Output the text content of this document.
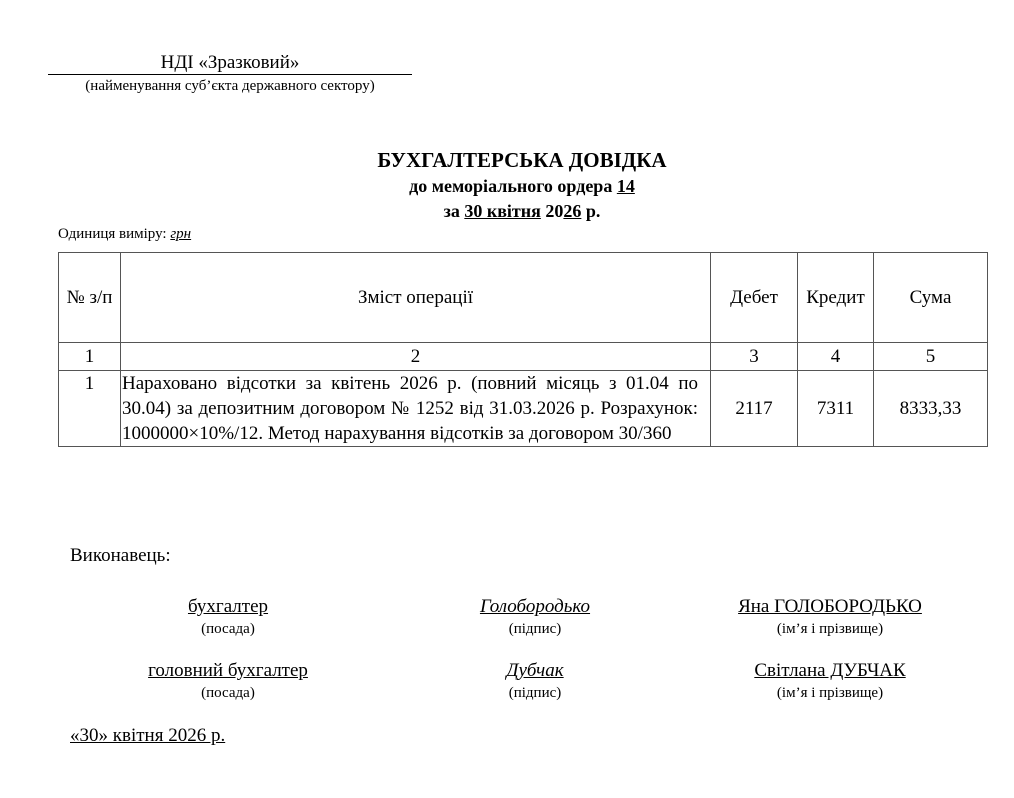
НДІ «Зразковий»
(найменування суб’єкта державного сектору)
БУХГАЛТЕРСЬКА ДОВІДКА
до меморіального ордера 14
за 30 квітня 2026 р.
Одиниця виміру: грн
№ з/п	Зміст операції	Дебет	Кредит	Сума
1	2	3	4	5
1	Нараховано відсотки за квітень 2026 р. (повний місяць з 01.04 по 30.04) за депозитним договором № 1252 від 31.03.2026 р. Розрахунок: 1000000×10%/12. Метод нарахування відсотків за договором 30/360	2117	7311	8333,33
Виконавець:
бухгалтер
(посада)
Голобородько
(підпис)
Яна ГОЛОБОРОДЬКО
(ім’я і прізвище)
головний бухгалтер
(посада)
Дубчак
(підпис)
Світлана ДУБЧАК
(ім’я і прізвище)
«30» квітня 2026 р.
